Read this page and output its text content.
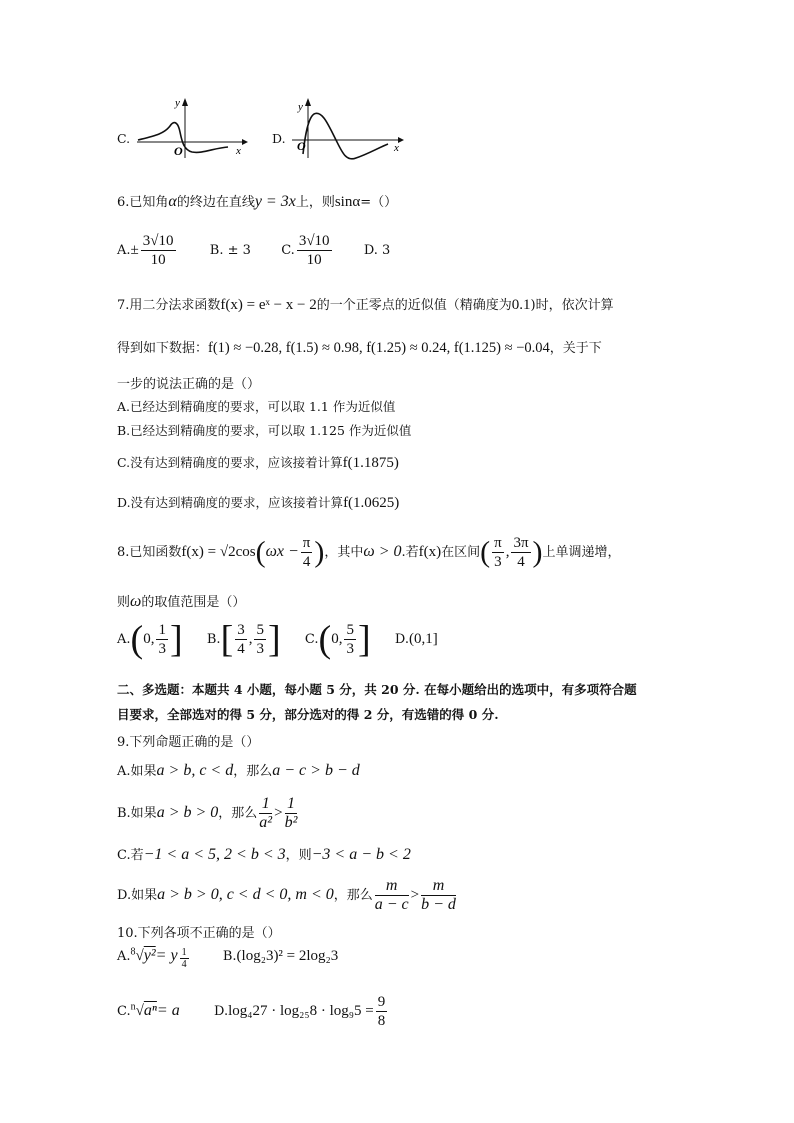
C.
y
x
O
D.
y
x
O
6.已知角α的终边在直线y = 3x上，则sinα=（）
$A.\pm \frac{3√10}{10}$	B. ± 3 C. $\frac{3√10}{10} D$. 3
7.用二分法求函数f(x) = eˣ − x − 2的一个正零点的近似值（精确度为0.1)时，依次计算
得到如下数据：f(1) ≈ −0.28, f(1.5) ≈ 0.98, f(1.25) ≈ 0.24, f(1.125) ≈ −0.04，关于下
一步的说法正确的是（）
A.已经达到精确度的要求，可以取 1.1 作为近似值
B.已经达到精确度的要求，可以取 1.125 作为近似值
C.没有达到精确度的要求，应该接着计算f(1.1875)
D.没有达到精确度的要求，应该接着计算f(1.0625)
8.已知函数$f(x) = √2\cos(\omega x - \frac{\pi}{4}$ )，其中ω > 0.若f(x)在区间( $\frac{\pi}{3}$ , $\frac{3\pi}{4}$ )上单调递增，
则ω的取值范围是（）
A.(0, $\frac{1}{3}$ ] $B.[ \frac{3}{4}$ , $\frac{5}{3}$ ] C.(0, $\frac{5}{3}$ ] D.(0,1]
二、多选题：本题共 4 小题，每小题 5 分，共 20 分. 在每小题给出的选项中，有多项符合题
目要求，全部选对的得 5 分，部分选对的得 2 分，有选错的得 0 分.
9.下列命题正确的是（）
A.如果a > b, c < d，那么a − c > b − d
B.如果a > b > 0，那么 $\frac{1}{\text{a²}} > \frac{1}{\text{b²}}$
C.若−1 < a < 5, 2 < b < 3，则−3 < a − b < 2
D.如果a > b > 0, c < d < 0, m < 0，那么 $\frac{m}{a - c} > \frac{m}{b - d}$
10.下列各项不正确的是（）
A.$^8$√y²= y $\frac{1}{4}$	B.(log₂3)² = 2log₂3
C.$^n$√aⁿ= a	$D.\log_427 \cdot \log_{25}8 \cdot \log_95 = \frac{9}{8}$
